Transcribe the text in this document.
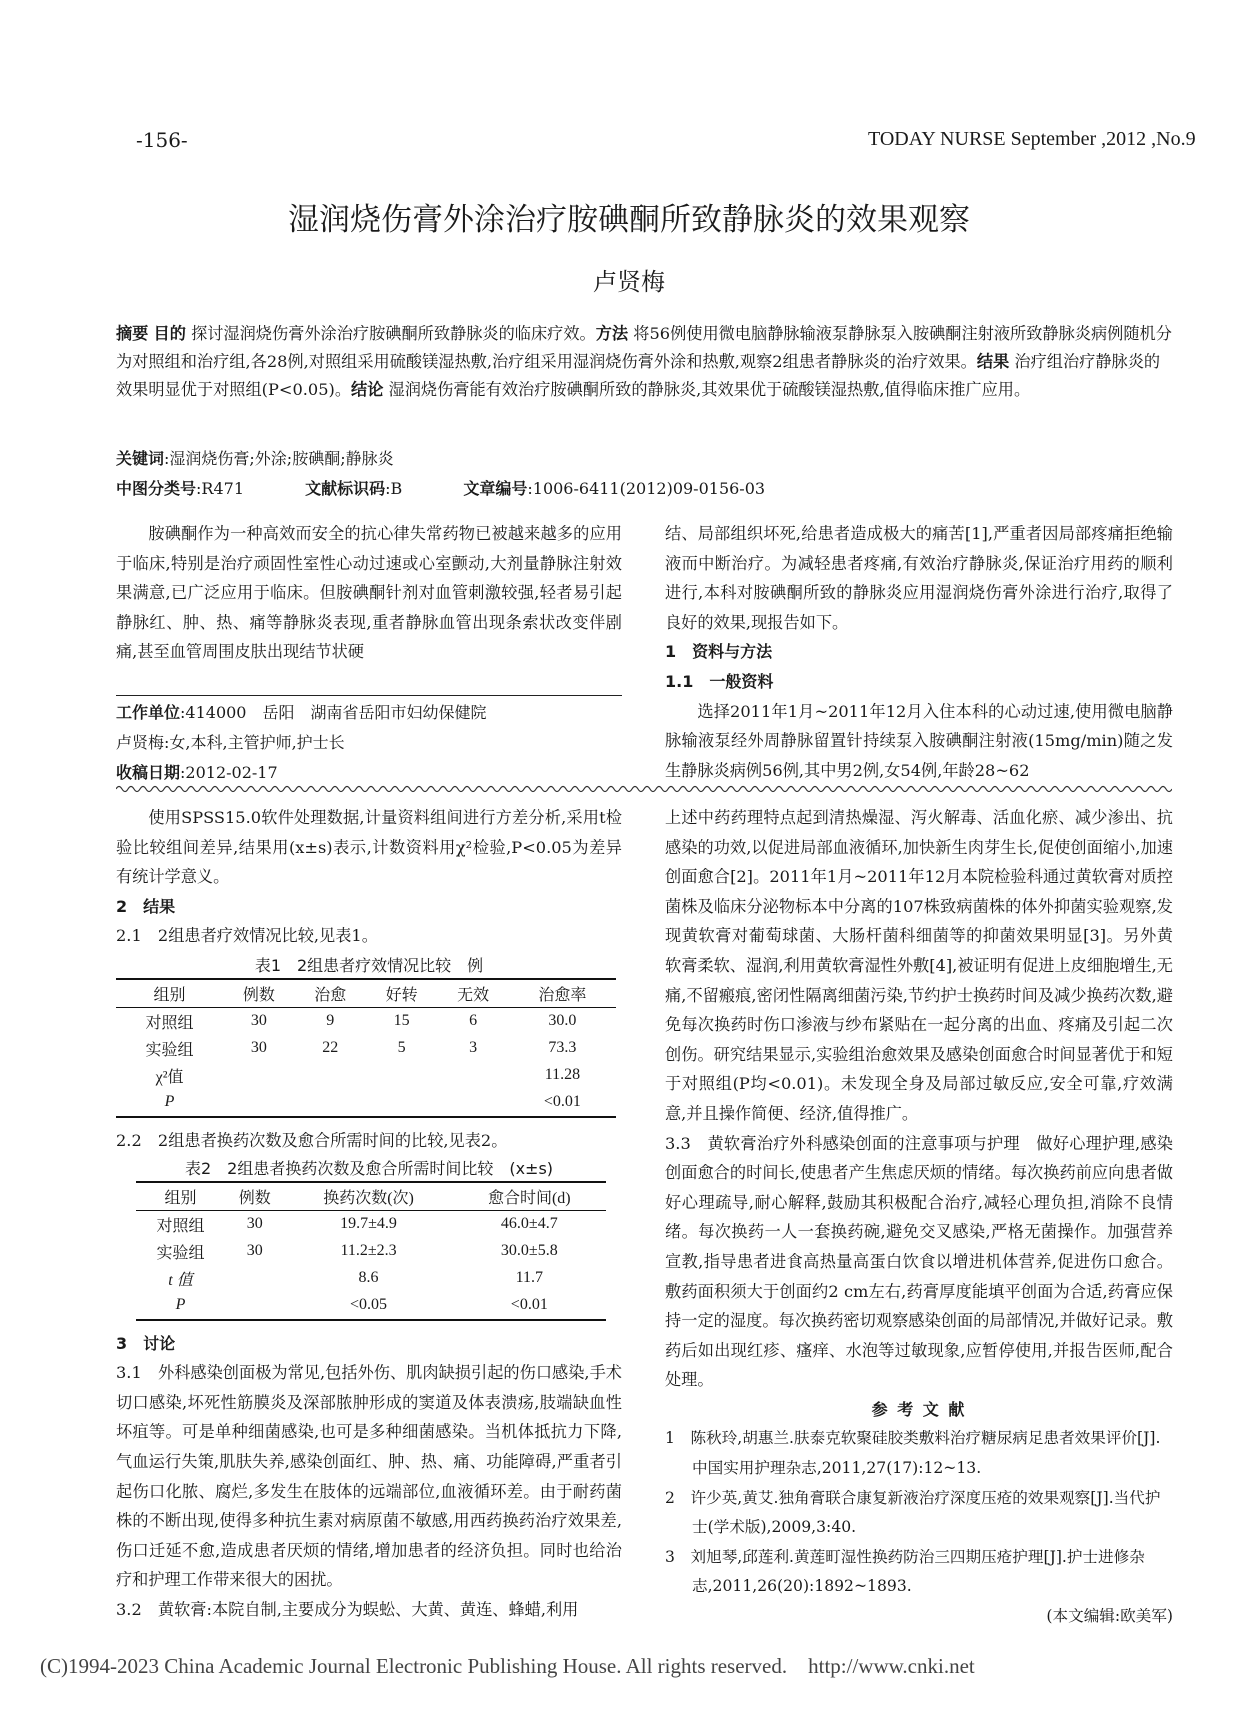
-156-	TODAY NURSE September ,2012 ,No.9
湿润烧伤膏外涂治疗胺碘酮所致静脉炎的效果观察
卢贤梅
摘要 目的 探讨湿润烧伤膏外涂治疗胺碘酮所致静脉炎的临床疗效。方法 将56例使用微电脑静脉输液泵静脉泵入胺碘酮注射液所致静脉炎病例随机分为对照组和治疗组,各28例,对照组采用硫酸镁湿热敷,治疗组采用湿润烧伤膏外涂和热敷,观察2组患者静脉炎的治疗效果。结果 治疗组治疗静脉炎的效果明显优于对照组(P<0.05)。结论 湿润烧伤膏能有效治疗胺碘酮所致的静脉炎,其效果优于硫酸镁湿热敷,值得临床推广应用。
关键词:湿润烧伤膏;外涂;胺碘酮;静脉炎
中图分类号:R471	文献标识码:B	文章编号:1006-6411(2012)09-0156-03
胺碘酮作为一种高效而安全的抗心律失常药物已被越来越多的应用于临床,特别是治疗顽固性室性心动过速或心室颤动,大剂量静脉注射效果满意,已广泛应用于临床。但胺碘酮针剂对血管刺激较强,轻者易引起静脉红、肿、热、痛等静脉炎表现,重者静脉血管出现条索状改变伴剧痛,甚至血管周围皮肤出现结节状硬
结、局部组织坏死,给患者造成极大的痛苦[1],严重者因局部疼痛拒绝输液而中断治疗。为减轻患者疼痛,有效治疗静脉炎,保证治疗用药的顺利进行,本科对胺碘酮所致的静脉炎应用湿润烧伤膏外涂进行治疗,取得了良好的效果,现报告如下。
1　资料与方法
1.1　一般资料
选择2011年1月~2011年12月入住本科的心动过速,使用微电脑静脉输液泵经外周静脉留置针持续泵入胺碘酮注射液(15mg/min)随之发生静脉炎病例56例,其中男2例,女54例,年龄28~62
工作单位:414000　岳阳　湖南省岳阳市妇幼保健院
卢贤梅:女,本科,主管护师,护士长
收稿日期:2012-02-17
使用SPSS15.0软件处理数据,计量资料组间进行方差分析,采用t检验比较组间差异,结果用(x±s)表示,计数资料用χ²检验,P<0.05为差异有统计学意义。
2　结果
2.1　2组患者疗效情况比较,见表1。
表1　2组患者疗效情况比较　例
组别	例数	治愈	好转	无效	治愈率
对照组	30	9	15	6	30.0
实验组	30	22	5	3	73.3
χ²值					11.28
P					<0.01
2.2　2组患者换药次数及愈合所需时间的比较,见表2。
表2　2组患者换药次数及愈合所需时间比较　(x±s)
组别	例数	换药次数(次)	愈合时间(d)
对照组	30	19.7±4.9	46.0±4.7
实验组	30	11.2±2.3	30.0±5.8
t 值		8.6	11.7
P		<0.05	<0.01
3　讨论
3.1　外科感染创面极为常见,包括外伤、肌肉缺损引起的伤口感染,手术切口感染,坏死性筋膜炎及深部脓肿形成的窦道及体表溃疡,肢端缺血性坏疽等。可是单种细菌感染,也可是多种细菌感染。当机体抵抗力下降,气血运行失策,肌肤失养,感染创面红、肿、热、痛、功能障碍,严重者引起伤口化脓、腐烂,多发生在肢体的远端部位,血液循环差。由于耐药菌株的不断出现,使得多种抗生素对病原菌不敏感,用西药换药治疗效果差,伤口迁延不愈,造成患者厌烦的情绪,增加患者的经济负担。同时也给治疗和护理工作带来很大的困扰。
3.2　黄软膏:本院自制,主要成分为蜈蚣、大黄、黄连、蜂蜡,利用
上述中药药理特点起到清热燥湿、泻火解毒、活血化瘀、减少渗出、抗感染的功效,以促进局部血液循环,加快新生肉芽生长,促使创面缩小,加速创面愈合[2]。2011年1月~2011年12月本院检验科通过黄软膏对质控菌株及临床分泌物标本中分离的107株致病菌株的体外抑菌实验观察,发现黄软膏对葡萄球菌、大肠杆菌科细菌等的抑菌效果明显[3]。另外黄软膏柔软、湿润,利用黄软膏湿性外敷[4],被证明有促进上皮细胞增生,无痛,不留瘢痕,密闭性隔离细菌污染,节约护士换药时间及减少换药次数,避免每次换药时伤口渗液与纱布紧贴在一起分离的出血、疼痛及引起二次创伤。研究结果显示,实验组治愈效果及感染创面愈合时间显著优于和短于对照组(P均<0.01)。未发现全身及局部过敏反应,安全可靠,疗效满意,并且操作简便、经济,值得推广。
3.3　黄软膏治疗外科感染创面的注意事项与护理　做好心理护理,感染创面愈合的时间长,使患者产生焦虑厌烦的情绪。每次换药前应向患者做好心理疏导,耐心解释,鼓励其积极配合治疗,减轻心理负担,消除不良情绪。每次换药一人一套换药碗,避免交叉感染,严格无菌操作。加强营养宣教,指导患者进食高热量高蛋白饮食以增进机体营养,促进伤口愈合。敷药面积须大于创面约2 cm左右,药膏厚度能填平创面为合适,药膏应保持一定的湿度。每次换药密切观察感染创面的局部情况,并做好记录。敷药后如出现红疹、瘙痒、水泡等过敏现象,应暂停使用,并报告医师,配合处理。
参 考 文 献
1　陈秋玲,胡惠兰.肤泰克软聚硅胶类敷料治疗糖尿病足患者效果评价[J].中国实用护理杂志,2011,27(17):12~13.
2　许少英,黄艾.独角膏联合康复新液治疗深度压疮的效果观察[J].当代护士(学术版),2009,3:40.
3　刘旭琴,邱莲利.黄莲町湿性换药防治三四期压疮护理[J].护士进修杂志,2011,26(20):1892~1893.
(本文编辑:欧美军)
(C)1994-2023 China Academic Journal Electronic Publishing House. All rights reserved.　http://www.cnki.net
